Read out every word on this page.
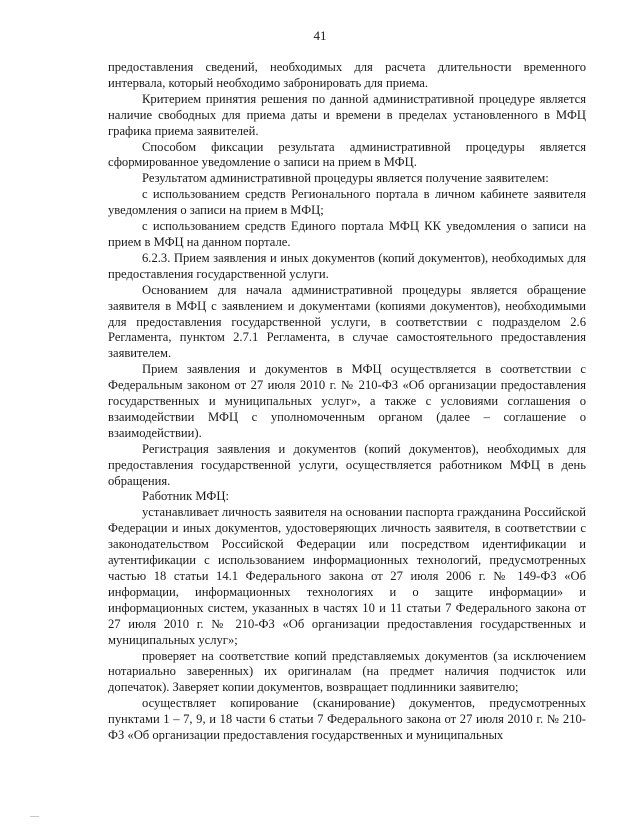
41

предоставления сведений, необходимых для расчета длительности временного интервала, который необходимо забронировать для приема.

Критерием принятия решения по данной административной процедуре является наличие свободных для приема даты и времени в пределах установленного в МФЦ графика приема заявителей.

Способом фиксации результата административной процедуры является сформированное уведомление о записи на прием в МФЦ.

Результатом административной процедуры является получение заявителем:

с использованием средств Регионального портала в личном кабинете заявителя уведомления о записи на прием в МФЦ;

с использованием средств Единого портала МФЦ КК уведомления о записи на прием в МФЦ на данном портале.

6.2.3. Прием заявления и иных документов (копий документов), необходимых для предоставления государственной услуги.

Основанием для начала административной процедуры является обращение заявителя в МФЦ с заявлением и документами (копиями документов), необходимыми для предоставления государственной услуги, в соответствии с подразделом 2.6 Регламента, пунктом 2.7.1 Регламента, в случае самостоятельного предоставления заявителем.

Прием заявления и документов в МФЦ осуществляется в соответствии с Федеральным законом от 27 июля 2010 г. № 210-ФЗ «Об организации предоставления государственных и муниципальных услуг», а также с условиями соглашения о взаимодействии МФЦ с уполномоченным органом (далее – соглашение о взаимодействии).

Регистрация заявления и документов (копий документов), необходимых для предоставления государственной услуги, осуществляется работником МФЦ в день обращения.

Работник МФЦ:

устанавливает личность заявителя на основании паспорта гражданина Российской Федерации и иных документов, удостоверяющих личность заявителя, в соответствии с законодательством Российской Федерации или посредством идентификации и аутентификации с использованием информационных технологий, предусмотренных частью 18 статьи 14.1 Федерального закона от 27 июля 2006 г. № 149-ФЗ «Об информации, информационных технологиях и о защите информации» и информационных систем, указанных в частях 10 и 11 статьи 7 Федерального закона от 27 июля 2010 г. № 210-ФЗ «Об организации предоставления государственных и муниципальных услуг»;

проверяет на соответствие копий представляемых документов (за исключением нотариально заверенных) их оригиналам (на предмет наличия подчисток или допечаток). Заверяет копии документов, возвращает подлинники заявителю;

осуществляет копирование (сканирование) документов, предусмотренных пунктами 1 – 7, 9, и 18 части 6 статьи 7 Федерального закона от 27 июля 2010 г. № 210-ФЗ «Об организации предоставления государственных и муниципальных

—
